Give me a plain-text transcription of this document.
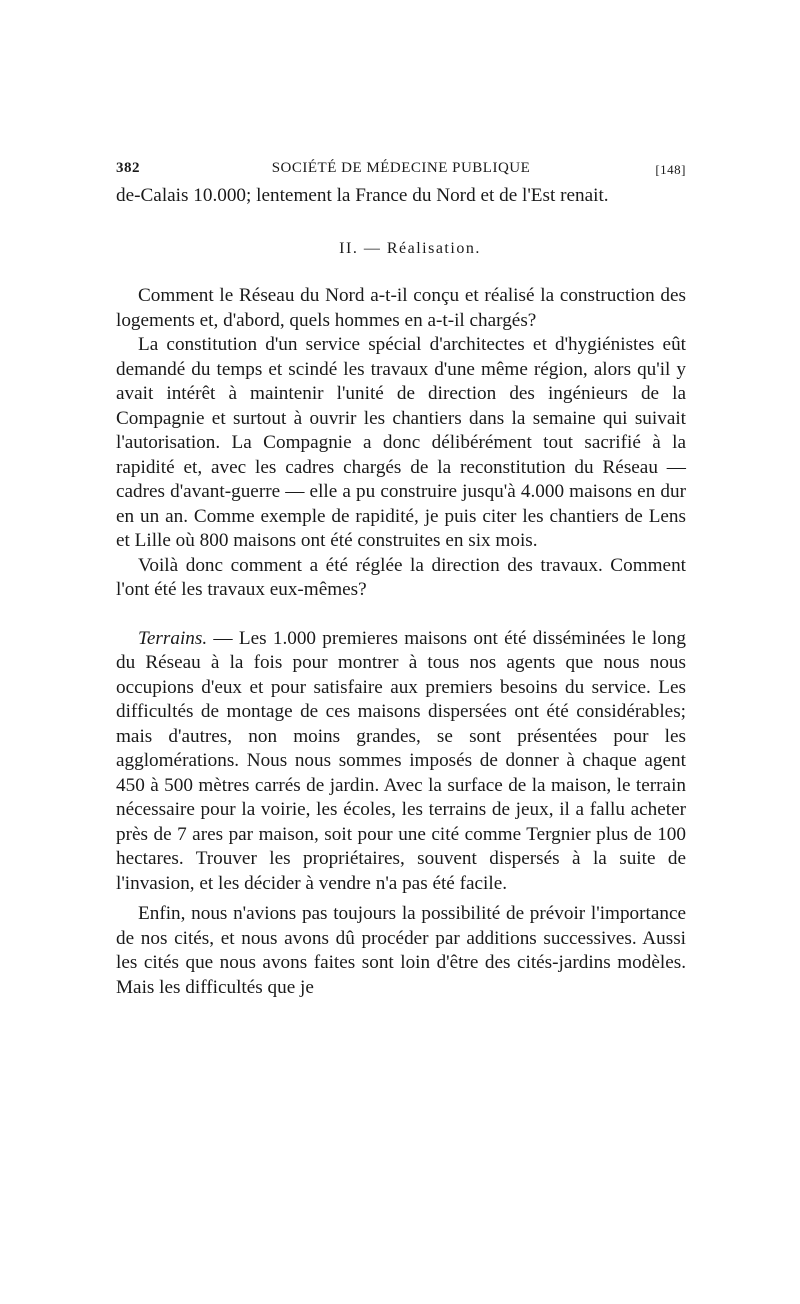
382	SOCIÉTÉ DE MÉDECINE PUBLIQUE	[148]

de-Calais 10.000; lentement la France du Nord et de l'Est renait.

II. — Réalisation.

Comment le Réseau du Nord a-t-il conçu et réalisé la construction des logements et, d'abord, quels hommes en a-t-il chargés?

La constitution d'un service spécial d'architectes et d'hygiénistes eût demandé du temps et scindé les travaux d'une même région, alors qu'il y avait intérêt à maintenir l'unité de direction des ingénieurs de la Compagnie et surtout à ouvrir les chantiers dans la semaine qui suivait l'autorisation. La Compagnie a donc délibérément tout sacrifié à la rapidité et, avec les cadres chargés de la reconstitution du Réseau — cadres d'avant-guerre — elle a pu construire jusqu'à 4.000 maisons en dur en un an. Comme exemple de rapidité, je puis citer les chantiers de Lens et Lille où 800 maisons ont été construites en six mois.

Voilà donc comment a été réglée la direction des travaux. Comment l'ont été les travaux eux-mêmes?

Terrains. — Les 1.000 premieres maisons ont été disséminées le long du Réseau à la fois pour montrer à tous nos agents que nous nous occupions d'eux et pour satisfaire aux premiers besoins du service. Les difficultés de montage de ces maisons dispersées ont été considérables; mais d'autres, non moins grandes, se sont présentées pour les agglomérations. Nous nous sommes imposés de donner à chaque agent 450 à 500 mètres carrés de jardin. Avec la surface de la maison, le terrain nécessaire pour la voirie, les écoles, les terrains de jeux, il a fallu acheter près de 7 ares par maison, soit pour une cité comme Tergnier plus de 100 hectares. Trouver les propriétaires, souvent dispersés à la suite de l'invasion, et les décider à vendre n'a pas été facile.

Enfin, nous n'avions pas toujours la possibilité de prévoir l'importance de nos cités, et nous avons dû procéder par additions successives. Aussi les cités que nous avons faites sont loin d'être des cités-jardins modèles. Mais les difficultés que je
